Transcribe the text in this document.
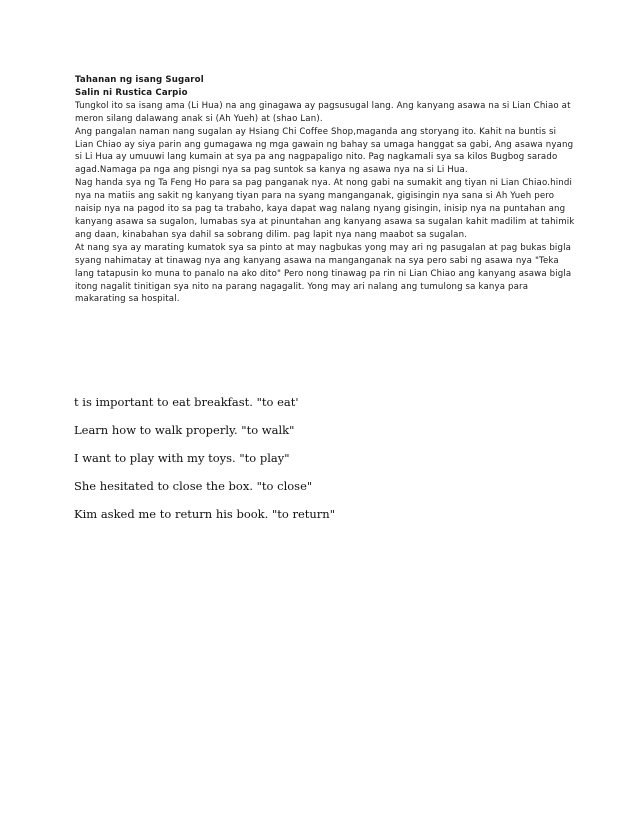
Tahanan ng isang Sugarol

Salin ni Rustica Carpio

Tungkol ito sa isang ama (Li Hua) na ang ginagawa ay pagsusugal lang. Ang kanyang asawa na si Lian Chiao at meron silang dalawang anak si (Ah Yueh) at (shao Lan).

Ang pangalan naman nang sugalan ay Hsiang Chi Coffee Shop,maganda ang storyang ito. Kahit na buntis si Lian Chiao ay siya parin ang gumagawa ng mga gawain ng bahay sa umaga hanggat sa gabi, Ang asawa nyang si Li Hua ay umuuwi lang kumain at sya pa ang nagpapaligo nito. Pag nagkamali sya sa kilos Bugbog sarado agad.Namaga pa nga ang pisngi nya sa pag suntok sa kanya ng asawa nya na si Li Hua.

Nag handa sya ng Ta Feng Ho para sa pag panganak nya. At nong gabi na sumakit ang tiyan ni Lian Chiao.hindi nya na matiis ang sakit ng kanyang tiyan para na syang manganganak, gigisingin nya sana si Ah Yueh pero naisip nya na pagod ito sa pag ta trabaho, kaya dapat wag nalang nyang gisingin, inisip nya na puntahan ang kanyang asawa sa sugalon, lumabas sya at pinuntahan ang kanyang asawa sa sugalan kahit madilim at tahimik ang daan, kinabahan sya dahil sa sobrang dilim. pag lapit nya nang maabot sa sugalan.

At nang sya ay marating kumatok sya sa pinto at may nagbukas yong may ari ng pasugalan at pag bukas bigla syang nahimatay at tinawag nya ang kanyang asawa na manganganak na sya pero sabi ng asawa nya "Teka lang tatapusin ko muna to panalo na ako dito" Pero nong tinawag pa rin ni Lian Chiao ang kanyang asawa bigla itong nagalit tinitigan sya nito na parang nagagalit. Yong may ari nalang ang tumulong sa kanya para makarating sa hospital.

t is important to eat breakfast. "to eat'

Learn how to walk properly. "to walk"

I want to play with my toys. "to play"

She hesitated to close the box. "to close"

Kim asked me to return his book. "to return"
